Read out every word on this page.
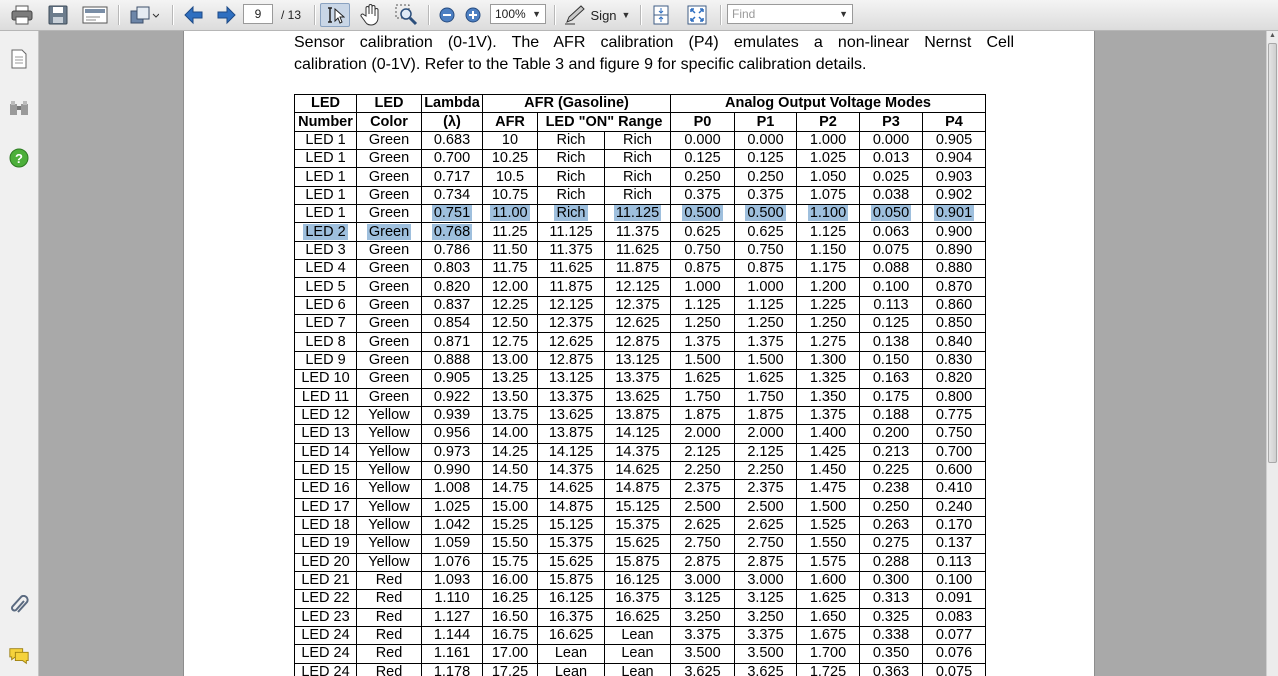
9	/ 13	100% ▼	Sign ▼	Find	▼
?
Sensor calibration (0-1V). The AFR calibration (P4) emulates a non-linear Nernst Cell
calibration (0-1V). Refer to the Table 3 and figure 9 for specific calibration details.
LED	LED	Lambda	AFR (Gasoline)			Analog Output Voltage Modes				
Number	Color	(λ)	AFR	LED "ON" Range		P0	P1	P2	P3	P4
LED 1	Green	0.683	10	Rich	Rich	0.000	0.000	1.000	0.000	0.905
LED 1	Green	0.700	10.25	Rich	Rich	0.125	0.125	1.025	0.013	0.904
LED 1	Green	0.717	10.5	Rich	Rich	0.250	0.250	1.050	0.025	0.903
LED 1	Green	0.734	10.75	Rich	Rich	0.375	0.375	1.075	0.038	0.902
LED 1	Green	0.751	11.00	Rich	11.125	0.500	0.500	1.100	0.050	0.901
LED 2	Green	0.768	11.25	11.125	11.375	0.625	0.625	1.125	0.063	0.900
LED 3	Green	0.786	11.50	11.375	11.625	0.750	0.750	1.150	0.075	0.890
LED 4	Green	0.803	11.75	11.625	11.875	0.875	0.875	1.175	0.088	0.880
LED 5	Green	0.820	12.00	11.875	12.125	1.000	1.000	1.200	0.100	0.870
LED 6	Green	0.837	12.25	12.125	12.375	1.125	1.125	1.225	0.113	0.860
LED 7	Green	0.854	12.50	12.375	12.625	1.250	1.250	1.250	0.125	0.850
LED 8	Green	0.871	12.75	12.625	12.875	1.375	1.375	1.275	0.138	0.840
LED 9	Green	0.888	13.00	12.875	13.125	1.500	1.500	1.300	0.150	0.830
LED 10	Green	0.905	13.25	13.125	13.375	1.625	1.625	1.325	0.163	0.820
LED 11	Green	0.922	13.50	13.375	13.625	1.750	1.750	1.350	0.175	0.800
LED 12	Yellow	0.939	13.75	13.625	13.875	1.875	1.875	1.375	0.188	0.775
LED 13	Yellow	0.956	14.00	13.875	14.125	2.000	2.000	1.400	0.200	0.750
LED 14	Yellow	0.973	14.25	14.125	14.375	2.125	2.125	1.425	0.213	0.700
LED 15	Yellow	0.990	14.50	14.375	14.625	2.250	2.250	1.450	0.225	0.600
LED 16	Yellow	1.008	14.75	14.625	14.875	2.375	2.375	1.475	0.238	0.410
LED 17	Yellow	1.025	15.00	14.875	15.125	2.500	2.500	1.500	0.250	0.240
LED 18	Yellow	1.042	15.25	15.125	15.375	2.625	2.625	1.525	0.263	0.170
LED 19	Yellow	1.059	15.50	15.375	15.625	2.750	2.750	1.550	0.275	0.137
LED 20	Yellow	1.076	15.75	15.625	15.875	2.875	2.875	1.575	0.288	0.113
LED 21	Red	1.093	16.00	15.875	16.125	3.000	3.000	1.600	0.300	0.100
LED 22	Red	1.110	16.25	16.125	16.375	3.125	3.125	1.625	0.313	0.091
LED 23	Red	1.127	16.50	16.375	16.625	3.250	3.250	1.650	0.325	0.083
LED 24	Red	1.144	16.75	16.625	Lean	3.375	3.375	1.675	0.338	0.077
LED 24	Red	1.161	17.00	Lean	Lean	3.500	3.500	1.700	0.350	0.076
LED 24	Red	1.178	17.25	Lean	Lean	3.625	3.625	1.725	0.363	0.075
▲
